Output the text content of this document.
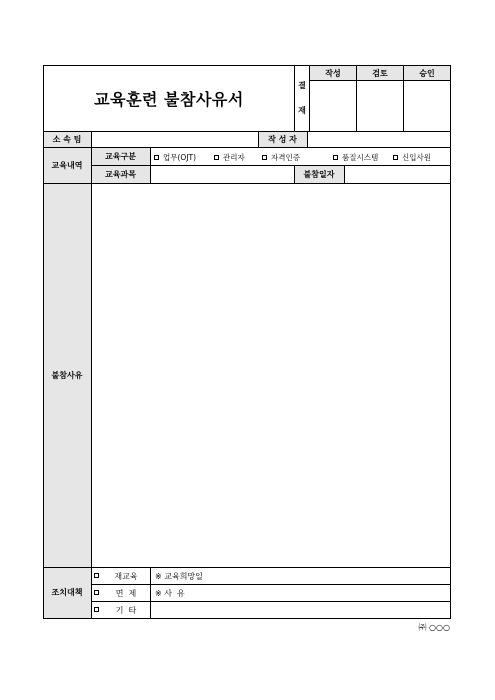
교육훈련 불참사유서
결
재
작성	검토	승인
소 속 팀	작 성 자
교육내역
교육구분	업무(OJT)	관리자	자격인증	품질시스템	신입사원
교육과목	불참일자
불참사유
조치대책
재교육	※ 교육희망일
면  제	※ 사  유
기  타
㈜ ○○○
